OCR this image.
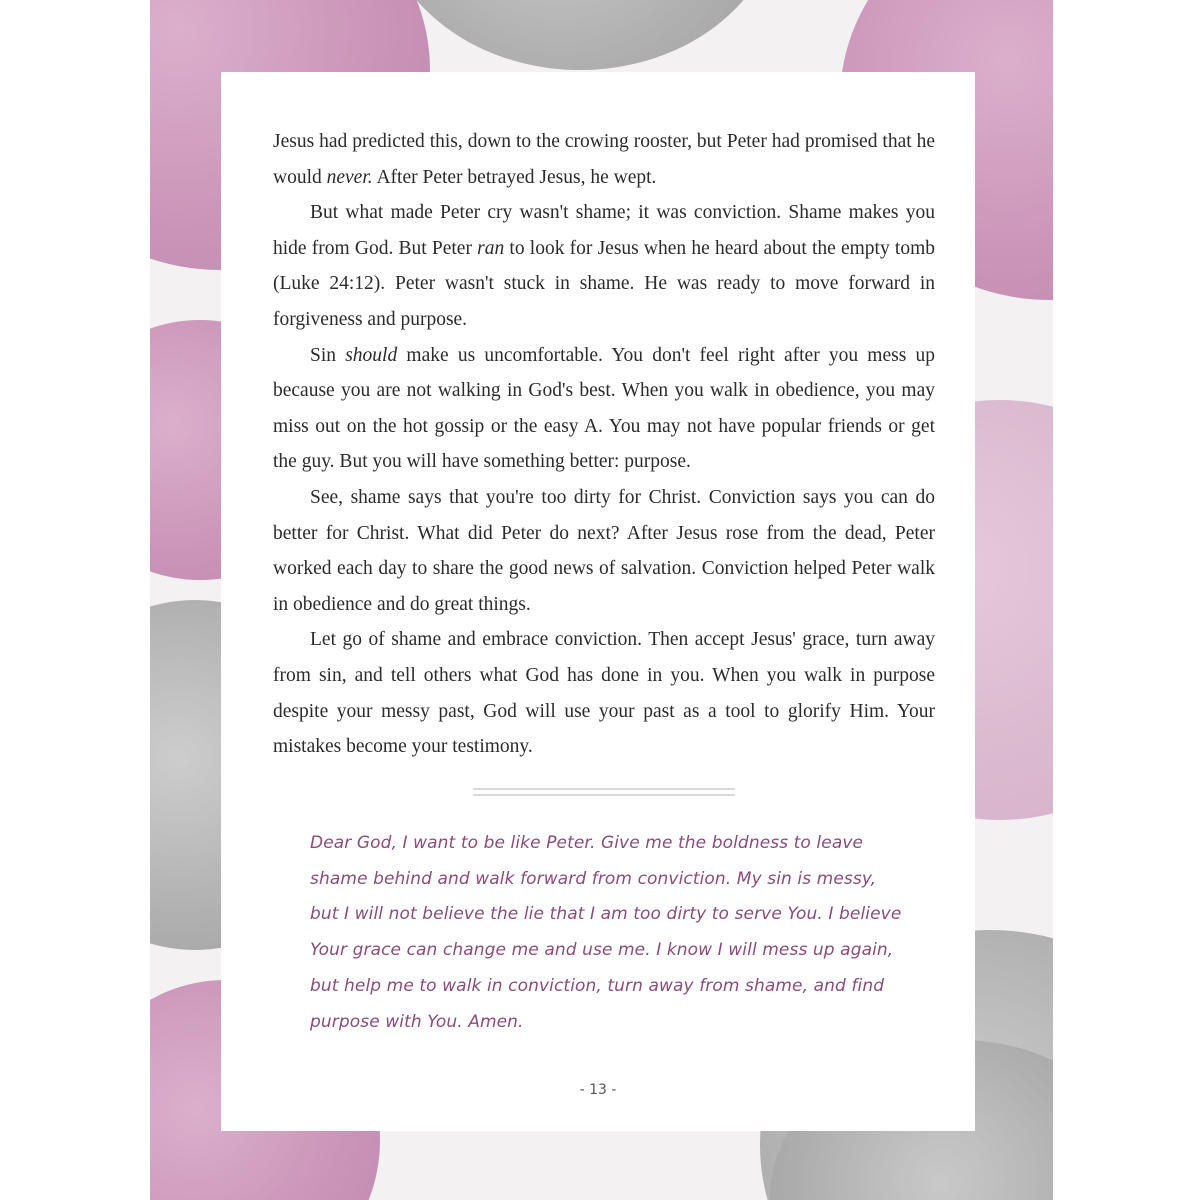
Jesus had predicted this, down to the crowing rooster, but Peter had promised that he would never. After Peter betrayed Jesus, he wept.

But what made Peter cry wasn't shame; it was conviction. Shame makes you hide from God. But Peter ran to look for Jesus when he heard about the empty tomb (Luke 24:12). Peter wasn't stuck in shame. He was ready to move forward in forgiveness and purpose.

Sin should make us uncomfortable. You don't feel right after you mess up because you are not walking in God's best. When you walk in obedience, you may miss out on the hot gossip or the easy A. You may not have popular friends or get the guy. But you will have something better: purpose.

See, shame says that you're too dirty for Christ. Conviction says you can do better for Christ. What did Peter do next? After Jesus rose from the dead, Peter worked each day to share the good news of salvation. Conviction helped Peter walk in obedience and do great things.

Let go of shame and embrace conviction. Then accept Jesus' grace, turn away from sin, and tell others what God has done in you. When you walk in purpose despite your messy past, God will use your past as a tool to glorify Him. Your mistakes become your testimony.

Dear God, I want to be like Peter. Give me the boldness to leave shame behind and walk forward from conviction. My sin is messy, but I will not believe the lie that I am too dirty to serve You. I believe Your grace can change me and use me. I know I will mess up again, but help me to walk in conviction, turn away from shame, and find purpose with You. Amen.

- 13 -
